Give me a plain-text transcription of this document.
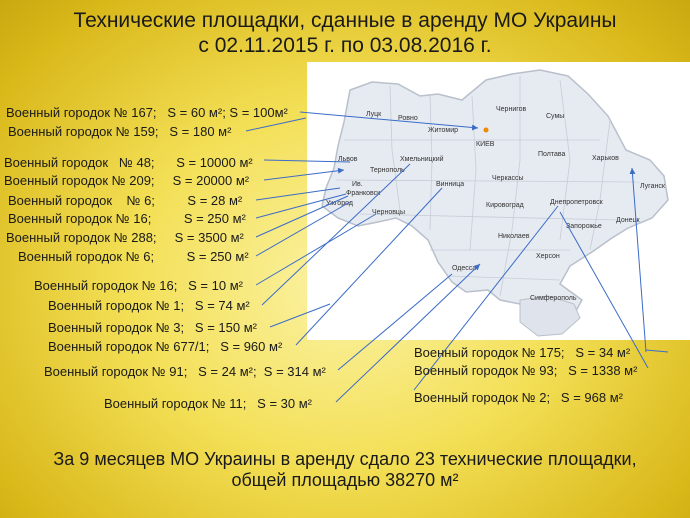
Технические площадки, сданные в аренду МО Украины
с 02.11.2015 г. по 03.08.2016 г.
Луцк
Ровно
Житомир
Чернигов
Сумы
КИЕВ
Львов
Тернополь
Хмельницкий
Ив.
Франковск
Ужгород
Черновцы
Винница
Черкассы
Полтава
Харьков
Кировоград	Днепропетровск
Луганск
Донецк
Запорожье
Николаев
Херсон
Одесса
Симферополь
Военный городок № 167;   S = 60 м²; S = 100м²
Военный городок № 159;   S = 180 м²
Военный городок   № 48;      S = 10000 м²
Военный городок № 209;     S = 20000 м²
Военный городок    № 6;         S = 28 м²
Военный городок № 16;         S = 250 м²
Военный городок № 288;     S = 3500 м²
Военный городок № 6;         S = 250 м²
Военный городок № 16;   S = 10 м²
Военный городок № 1;   S = 74 м²
Военный городок № 3;   S = 150 м²
Военный городок № 677/1;   S = 960 м²
Военный городок № 91;   S = 24 м²;  S = 314 м²
Военный городок № 11;   S = 30 м²
Военный городок № 175;   S = 34 м²
Военный городок № 93;   S = 1338 м²
Военный городок № 2;   S = 968 м²
За 9 месяцев МО Украины в аренду сдало 23 технические площадки,
общей площадью 38270 м²
